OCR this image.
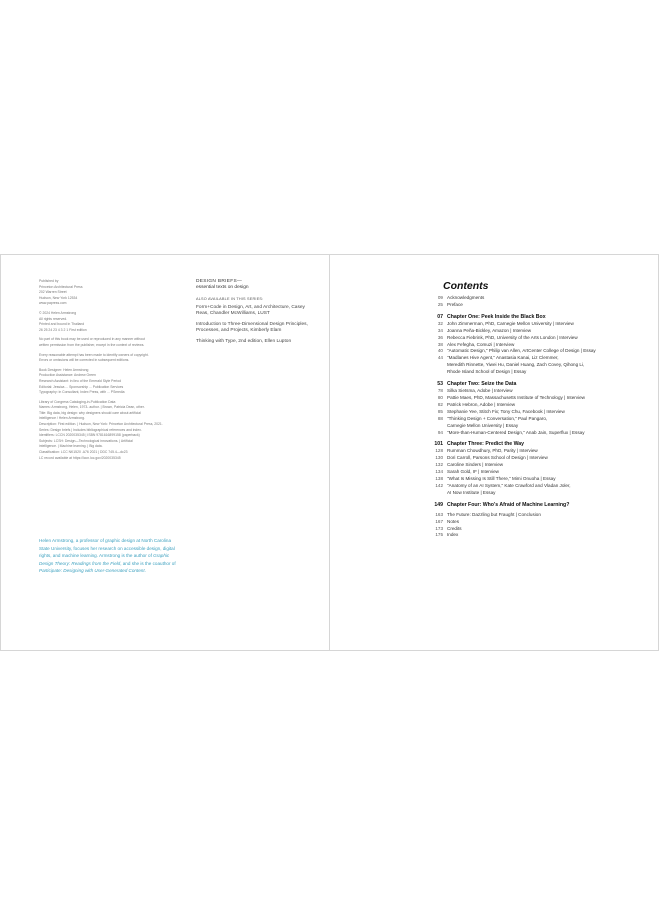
Published by
Princeton Architectural Press
202 Warren Street
Hudson, New York 12534
www.papress.com
© 2024 Helen Armstrong
All rights reserved.
Printed and bound in Thailand
26 25 24 23 4 3 2 1 First edition
No part of this book may be used or reproduced in any manner without
written permission from the publisher, except in the context of reviews.
Every reasonable attempt has been made to identify owners of copyright.
Errors or omissions will be corrected in subsequent editions.
Book Designer: Helen Armstrong
Production Assistance: Andrew Green
Research Assistant: in lieu of the Emerald Style Period
Editorial: Jessica ... Sponsorship ... Publication Services
Typography: in Consultant, Index Press, with ... PSmedia
Library of Congress Cataloging-in-Publication Data
Names: Armstrong, Helen, 1973- author. | Brown, Patricia Dean, other.
Title: Big data, big design: why designers should care about artificial
intelligence / Helen Armstrong.
Description: First edition. | Hudson, New York: Princeton Architectural Press, 2021.
Series: Design briefs | Includes bibliographical references and index.
Identifiers: LCCN 2020035345 | ISBN 9781616899158 (paperback)
Subjects: LCSH: Design—Technological innovations. | Artificial
intelligence. | Machine learning. | Big data.
Classification: LCC NK1520 .A76 2021 | DDC 745.4—dc23
LC record available at https://lccn.loc.gov/2020035345
Helen Armstrong, a professor of graphic design at North Carolina State University, focuses her research on accessible design, digital rights, and machine learning. Armstrong is the author of Graphic Design Theory: Readings from the Field, and she is the coauthor of Participate: Designing with User-Generated Content.
DESIGN BRIEFS—
essential texts on design
ALSO AVAILABLE IN THIS SERIES:
Form+Code in Design, Art, and Architecture, Casey Reas, Chandler McWilliams, LUST
Introduction to Three-Dimensional Design Principles, Processes, and Projects, Kimberly Elam
Thinking with Type, 2nd edition, Ellen Lupton
Contents
09 Acknowledgments
25 Preface
07 Chapter One: Peek Inside the Black Box
32 John Zimmerman, PhD, Carnegie Mellon University | Interview
34 Joanna Peña-Bickley, Amazon | Interview
36 Rebecca Fiebrink, PhD, University of the Arts London | Interview
38 Alex Fefegha, Comuzi | Interview
40 "Automatic Design," Philip van Allen, ArtCenter College of Design | Essay
44 "Madlanes Hive Agent," Anastasia Kanai, Liz Clemmer,
Meredith Rinnette, Yiwei Hu, Daniel Huang, Zach Covey, Qihong Li,
Rhode Island School of Design | Essay
53 Chapter Two: Seize the Data
78 Silka Sietsma, Adobe | Interview
80 Pattie Maes, PhD, Massachusetts Institute of Technology | Interview
82 Patrick Hebron, Adobe | Interview
85 Stephanie Yee, Stitch Fix; Tony Chu, Facebook | Interview
88 "Thinking Design + Conversation," Paul Pangaro,
Carnegie Mellon University | Essay
94 "More-than-Human-Centered Design," Anab Jain, Superflux | Essay
101 Chapter Three: Predict the Way
128 Rumman Chowdhury, PhD, Parity | Interview
130 Dori Carroll, Parsons School of Design | Interview
132 Caroline Sinders | Interview
134 Sarah Gold, IF | Interview
138 "What Is Missing Is Still There," Mimi Onuoha | Essay
142 "Anatomy of an AI System," Kate Crawford and Vladan Joler,
AI Now Institute | Essay
149 Chapter Four: Who's Afraid of Machine Learning?
163 The Future: Dazzling but Fraught | Conclusion
167 Notes
173 Credits
175 Index
